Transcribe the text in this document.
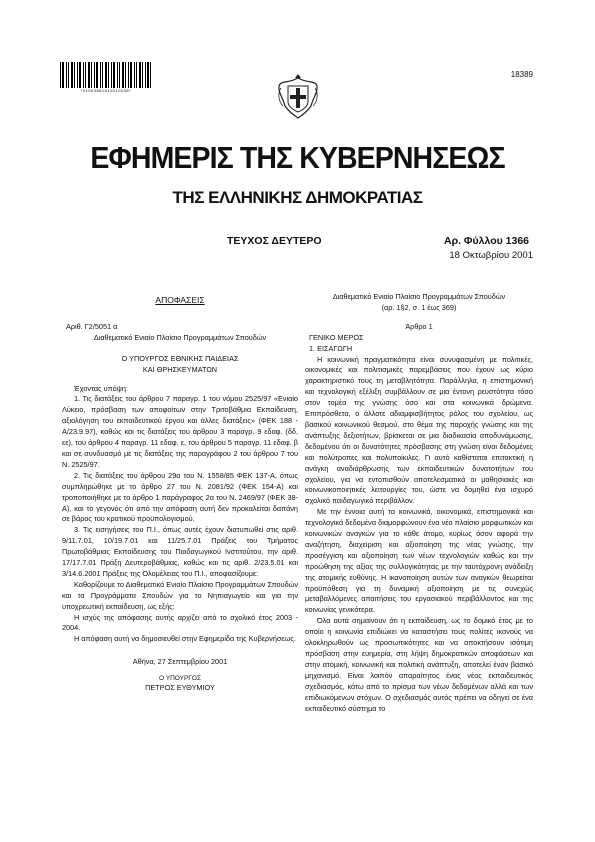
*01003661810010008*
18389
ΕΦΗΜΕΡΙΣ ΤΗΣ ΚΥΒΕΡΝΗΣΕΩΣ
ΤΗΣ ΕΛΛΗΝΙΚΗΣ ΔΗΜΟΚΡΑΤΙΑΣ
ΤΕΥΧΟΣ ΔΕΥΤΕΡΟ	Αρ. Φύλλου 1366
18 Οκτωβρίου 2001

ΑΠΟΦΑΣΕΙΣ

Αριθ. Γ2/5051 α

Διαθεματικό Ενιαίο Πλαίσιο Προγραμμάτων Σπουδών

Ο ΥΠΟΥΡΓΟΣ ΕΘΝΙΚΗΣ ΠΑΙΔΕΙΑΣ

ΚΑΙ ΘΡΗΣΚΕΥΜΑΤΩΝ

Έχοντας υπόψη:

1. Τις διατάξεις του άρθρου 7 παραγρ. 1 του νόμου 2525/97 «Ενιαίο Λύκειο, πρόσβαση των αποφοίτων στην Τριτοβάθμια Εκπαίδευση, αξιολόγηση του εκπαιδευτικού έργου και άλλες διατάξεις» (ΦΕΚ 188 - Α/23.9.97), καθώς και τις διατάξεις του άρθρου 3 παραγρ. 9 εδαφ. (δδ, εε), του άρθρου 4 παραγρ. 11 εδαφ. ε, του άρθρου 5 παραγρ. 11 εδαφ. β και σε συνδυασμό με τις διατάξεις της παραγράφου 2 του άρθρου 7 του Ν. 2525/97.

2. Τις διατάξεις του άρθρου 29α του Ν. 1558/85 ΦΕΚ 137-Α, όπως συμπληρώθηκε με το άρθρο 27 του Ν. 2081/92 (ΦΕΚ 154-Α) και τροποποιήθηκε με το άρθρο 1 παράγραφος 2α του Ν. 2469/97 (ΦΕΚ 38-Α), και το γεγονός ότι από την απόφαση αυτή δεν προκαλείται δαπάνη σε βάρος του κρατικού προϋπολογισμού.

3. Τις εισηγήσεις του Π.Ι., όπως αυτές έχουν διατυπωθεί στις αριθ. 9/11.7.01, 10/19.7.01 και 11/25.7.01 Πράξεις του Τμήματος Πρωτοβάθμιας Εκπαίδευσης του Παιδαγωγικού Ινστιτούτου, την αριθ. 17/17.7.01 Πράξη Δευτεροβάθμιας, καθώς και τις αριθ. 2/23.5.01 και 3/14.6.2001 Πράξεις της Ολομέλειας του Π.Ι., αποφασίζουμε:

Καθορίζουμε το Διαθεματικό Ενιαίο Πλαίσιο Προγραμμάτων Σπουδών και τα Προγράμματα Σπουδών για το Νηπιαγωγείο και για την υποχρεωτική εκπαίδευση, ως εξής:

Η ισχύς της απόφασης αυτής αρχίζει από το σχολικό έτος 2003 - 2004.

Η απόφαση αυτή να δημοσιευθεί στην Εφημερίδα της Κυβερνήσεως.

Αθήνα, 27 Σεπτεμβρίου 2001

Ο ΥΠΟΥΡΓΟΣ

ΠΕΤΡΟΣ ΕΥΘΥΜΙΟΥ

Διαθεματικό Ενιαίο Πλαίσιο Προγραμμάτων Σπουδών

(αρ. 1§2, σ. 1 έως 369)

Άρθρο 1

ΓΕΝΙΚΟ ΜΕΡΟΣ

1. ΕΙΣΑΓΩΓΗ

Η κοινωνική πραγματικότητα είναι συνυφασμένη με πολιτικές, οικονομικές και πολιτισμικές παρεμβάσεις που έχουν ως κύριο χαρακτηριστικό τους τη μεταβλητότητα. Παράλληλα, η επιστημονική και τεχνολογική εξέλιξη συμβάλλουν σε μια έντονη ρευστότητα τόσο στον τομέα της γνώσης όσο και στα κοινωνικά δρώμενα. Επιπρόσθετα, ο άλλοτε αδιαμφισβήτητος ρόλος του σχολείου, ως βασικού κοινωνικού θεσμού, στο θέμα της παροχής γνώσης και της ανάπτυξης δεξιοτήτων, βρίσκεται σε μια διαδικασία αποδυνάμωσης, δεδομένου ότι οι δυνατότητες πρόσβασης στη γνώση είναι δεδομένες και πολύτροπες και πολυποίκιλες. Γι αυτό καθίσταται επιτακτική η ανάγκη αναδιάρθρωσης των εκπαιδευτικών δυνατοτήτων του σχολείου, για να εντοπισθούν αποτελεσματικά οι μαθησιακές και κοινωνικοποιητικές λειτουργίες του, ώστε να δομηθεί ένα ισχυρό σχολικό παιδαγωγικό περιβάλλον.

Με την έννοια αυτή τα κοινωνικά, οικονομικά, επιστημονικά και τεχνολογικά δεδομένα διαμορφώνουν ένα νέο πλαίσιο μορφωτικών και κοινωνικών αναγκών για το κάθε άτομο, κυρίως όσον αφορά την αναζήτηση, διαχείριση και αξιοποίηση της νέας γνώσης, την προσέγγιση και αξιοποίηση των νέων τεχνολογιών καθώς και την προώθηση της αξίας της συλλογικότητας με την ταυτόχρονη ανάδειξη της ατομικής ευθύνης. Η ικανοποίηση αυτών των αναγκών θεωρείται προϋπόθεση για τη δυναμική αξιοποίηση με τις συνεχώς μεταβαλλόμενες απαιτήσεις του εργασιακού περιβάλλοντος και της κοινωνίας γενικότερα.

Όλα αυτά σημαίνουν ότι η εκπαίδευση, ως το δομικό έτος με το οποίο η κοινωνία επιδιώκει να καταστήσει τους πολίτες ικανούς να ολοκληρωθούν ως προσωπικότητες και να αποκτήσουν ισότιμη πρόσβαση στην ευημερία, στη λήψη δημοκρατικών αποφάσεων και στην ατομική, κοινωνική και πολιτική ανάπτυξη, αποτελεί έναν βασικό μηχανισμό. Είναι λοιπόν απαραίτητος ένας νέος εκπαιδευτικός σχεδιασμός, κάτω από το πρίσμα των νέων δεδομένων αλλά και των επιδιωκόμενων στόχων. Ο σχεδιασμός αυτός πρέπει να οδηγεί σε ένα εκπαιδευτικό σύστημα το
